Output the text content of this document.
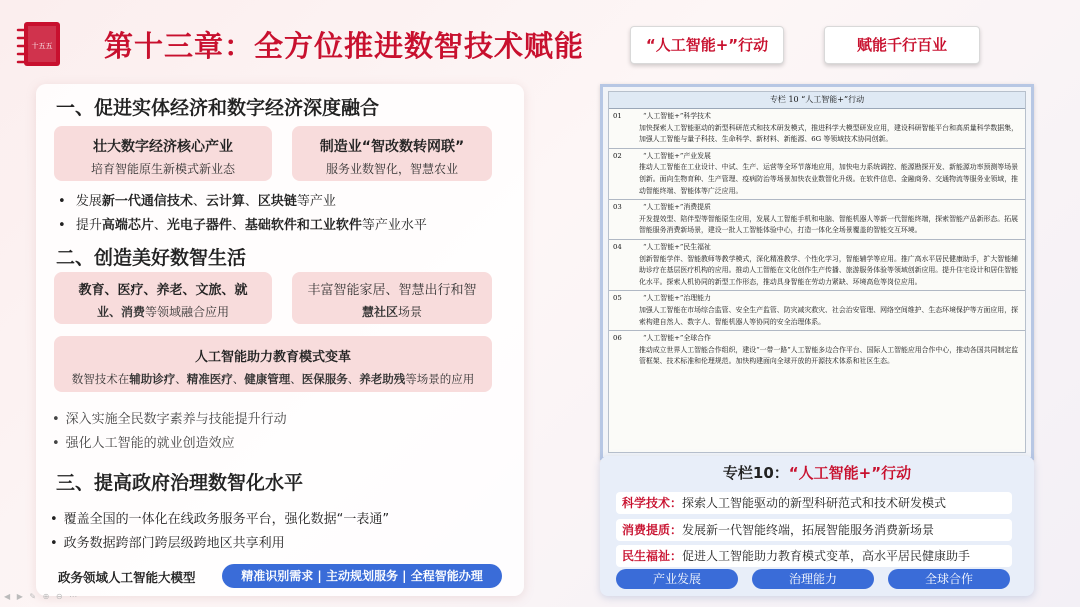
十五五 第十三章：全方位推进数智技术赋能	“人工智能+”行动	赋能千行百业
一、促进实体经济和数字经济深度融合
壮大数字经济核心产业
培育智能原生新模式新业态
制造业“智改数转网联”
服务业数智化，智慧农业
• 发展新一代通信技术、云计算、区块链等产业
• 提升高端芯片、光电子器件、基础软件和工业软件等产业水平
二、创造美好数智生活
教育、医疗、养老、文旅、就
业、消费等领域融合应用
丰富智能家居、智慧出行和智
慧社区场景
人工智能助力教育模式变革
数智技术在辅助诊疗、精准医疗、健康管理、医保服务、养老助残等场景的应用
• 深入实施全民数字素养与技能提升行动
• 强化人工智能的就业创造效应
三、提高政府治理数智化水平
• 覆盖全国的一体化在线政务服务平台，强化数据“一表通”
• 政务数据跨部门跨层级跨地区共享利用
政务领域人工智能大模型	精准识别需求 | 主动规划服务 | 全程智能办理
专栏 10 “人工智能+”行动
01	“人工智能+”科学技术
加快探索人工智能驱动的新型科研范式和技术研发模式，推进科学大模型研发应用，建设科研智能平台和高质量科学数据集，加强人工智能与量子科技、生命科学、新材料、新能源、6G 等领域技术协同创新。
02	“人工智能+”产业发展
推动人工智能在工业设计、中试、生产、运营等全环节落地应用，加快电力系统调控、能源勘探开发、新能源功率预测等场景创新。面向生物育种、生产管理、疫病防治等场景加快农业数智化升级。在软件信息、金融商务、交通物流等服务业领域，推动智能终端、智能体等广泛应用。
03	“人工智能+”消费提质
开发提效型、陪伴型等智能原生应用，发展人工智能手机和电脑、智能机器人等新一代智能终端，探索智能产品新形态。拓展智能服务消费新场景，建设一批人工智能体验中心，打造一体化全场景覆盖的智能交互环境。
04	“人工智能+”民生福祉
创新智能学伴、智能教师等教学模式，深化精准教学、个性化学习，智能辅学等应用。推广高水平居民健康助手，扩大智能辅助诊疗在基层医疗机构的应用。推动人工智能在文化创作生产传播、旅游服务体验等领域创新应用。提升住宅设计和居住智能化水平。探索人机协同的新型工作形态，推动具身智能在劳动力紧缺、环境高危等岗位应用。
05	“人工智能+”治理能力
加强人工智能在市场综合监管、安全生产监管、防灾减灾救灾、社会治安管理、网络空间维护、生态环境保护等方面应用，探索构建自然人、数字人、智能机器人等协同的安全治理体系。
06	“人工智能+”全球合作
推动成立世界人工智能合作组织，建设“一带一路”人工智能多边合作平台、国际人工智能应用合作中心，推动各国共同制定监管框架、技术标准和伦理规范。加快构建面向全球开放的开源技术体系和社区生态。
专栏10：“人工智能+”行动
科学技术：探索人工智能驱动的新型科研范式和技术研发模式
消费提质：发展新一代智能终端，拓展智能服务消费新场景
民生福祉：促进人工智能助力教育模式变革，高水平居民健康助手
产业发展	治理能力	全球合作
◀ ▶ ✎ ⊕ ⊖ ⋯
